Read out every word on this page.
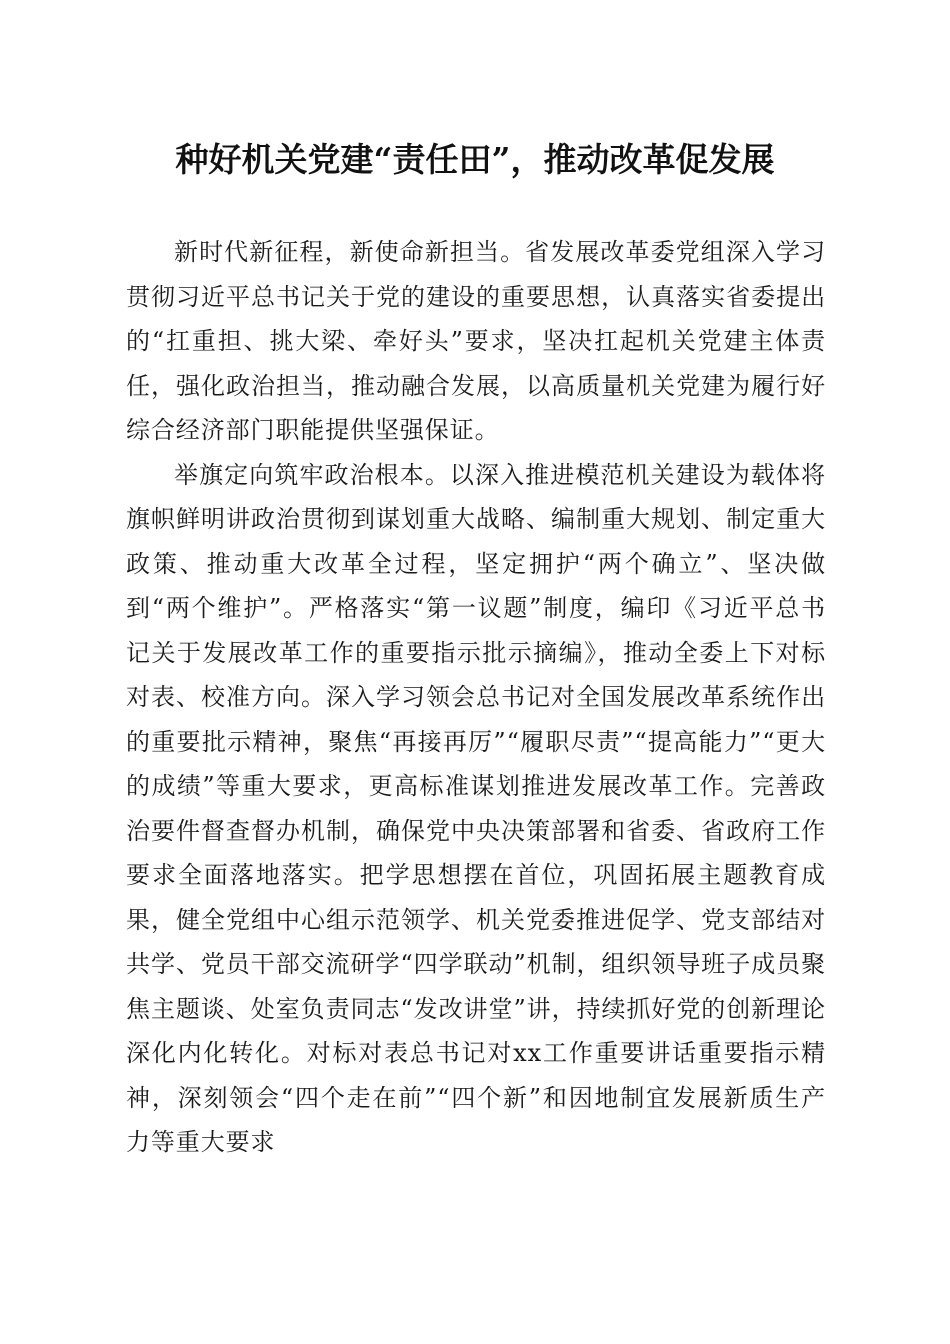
种好机关党建“责任田”，推动改革促发展

新时代新征程，新使命新担当。省发展改革委党组深入学习贯彻习近平总书记关于党的建设的重要思想，认真落实省委提出的“扛重担、挑大梁、牵好头”要求，坚决扛起机关党建主体责任，强化政治担当，推动融合发展，以高质量机关党建为履行好综合经济部门职能提供坚强保证。

举旗定向筑牢政治根本。以深入推进模范机关建设为载体将旗帜鲜明讲政治贯彻到谋划重大战略、编制重大规划、制定重大政策、推动重大改革全过程，坚定拥护“两个确立”、坚决做到“两个维护”。严格落实“第一议题”制度，编印《习近平总书记关于发展改革工作的重要指示批示摘编》，推动全委上下对标对表、校准方向。深入学习领会总书记对全国发展改革系统作出的重要批示精神，聚焦“再接再厉”“履职尽责”“提高能力”“更大的成绩”等重大要求，更高标准谋划推进发展改革工作。完善政治要件督查督办机制，确保党中央决策部署和省委、省政府工作要求全面落地落实。把学思想摆在首位，巩固拓展主题教育成果，健全党组中心组示范领学、机关党委推进促学、党支部结对共学、党员干部交流研学“四学联动”机制，组织领导班子成员聚焦主题谈、处室负责同志“发改讲堂”讲，持续抓好党的创新理论深化内化转化。对标对表总书记对xx工作重要讲话重要指示精神，深刻领会“四个走在前”“四个新”和因地制宜发展新质生产力等重大要求
